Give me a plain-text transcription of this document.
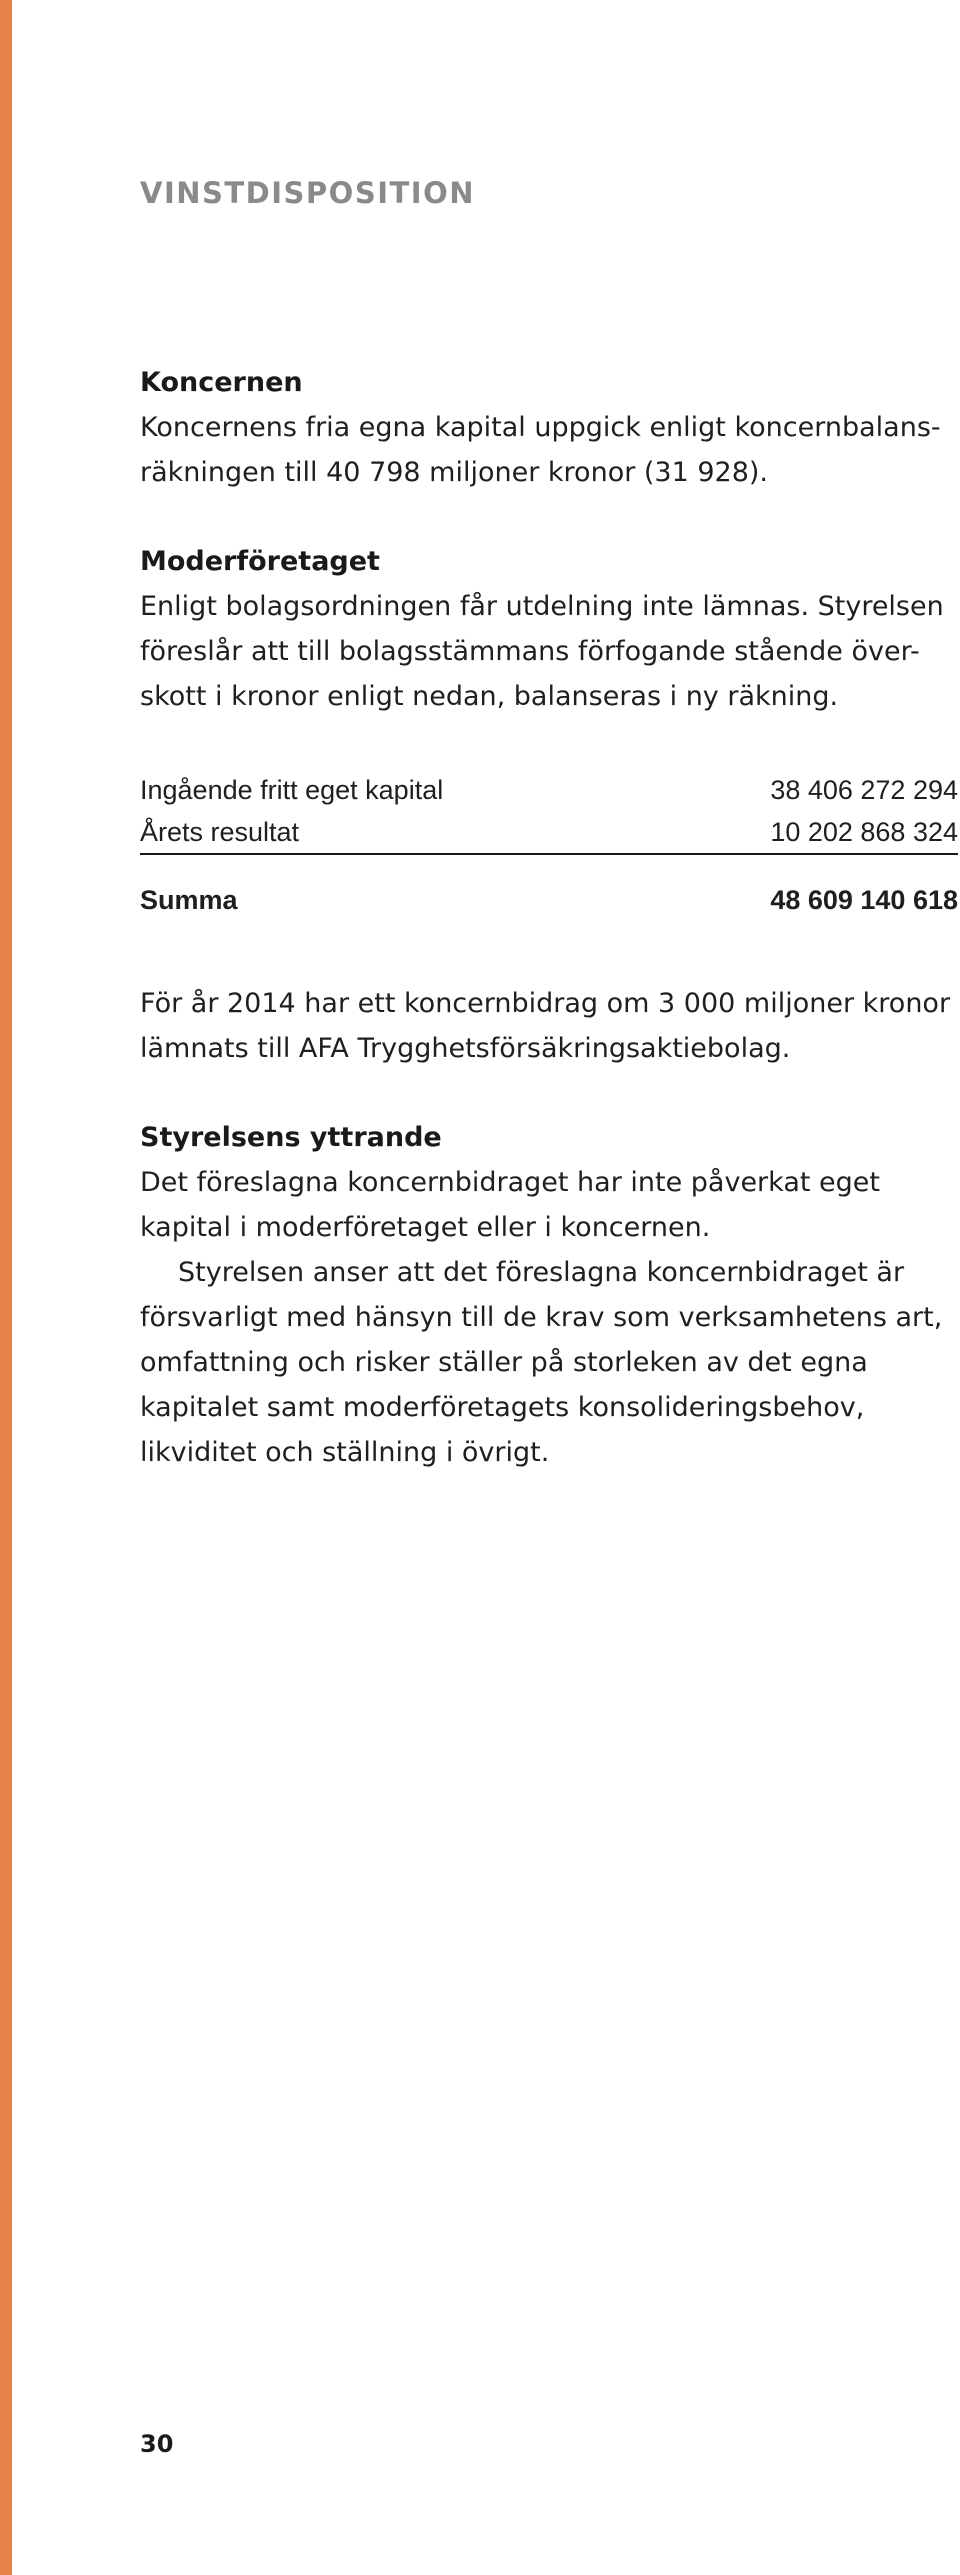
VINSTDISPOSITION

Koncernen

Koncernens fria egna kapital uppgick enligt koncernbalans-

räkningen till 40 798 miljoner kronor (31 928).

Moderföretaget

Enligt bolagsordningen får utdelning inte lämnas. Styrelsen

föreslår att till bolagsstämmans förfogande stående över-

skott i kronor enligt nedan, balanseras i ny räkning.

Ingående fritt eget kapital	38 406 272 294
Årets resultat	10 202 868 324
Summa	48 609 140 618

För år 2014 har ett koncernbidrag om 3 000 miljoner kronor

lämnats till AFA Trygghetsförsäkringsaktiebolag.

Styrelsens yttrande

Det föreslagna koncernbidraget har inte påverkat eget

kapital i moderföretaget eller i koncernen.

Styrelsen anser att det föreslagna koncernbidraget är

försvarligt med hänsyn till de krav som verksamhetens art,

omfattning och risker ställer på storleken av det egna

kapitalet samt moderföretagets konsolideringsbehov,

likviditet och ställning i övrigt.

30
